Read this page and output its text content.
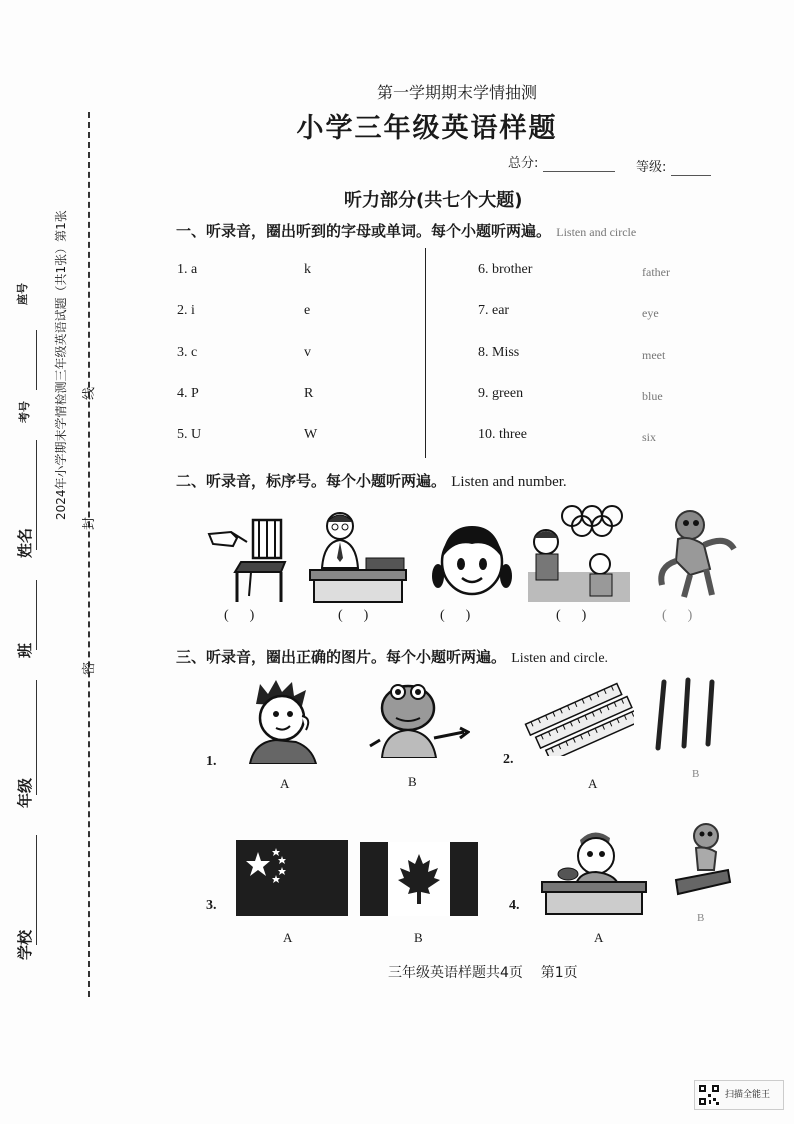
2024年小学期末学情检测三年级英语试题（共1张）第1张
座号
考号
姓名
班
年级
学校
线
封
密
第一学期期末学情抽测
小学三年级英语样题
总分:	等级:
听力部分(共七个大题)
一、听录音，圈出听到的字母或单词。每个小题听两遍。 Listen and circle
1. a	k
2. i	e
3. c	v
4. P	R
5. U	W
6. brother	father
7. ear	eye
8. Miss	meet
9. green	blue
10. three	six
二、听录音，标序号。每个小题听两遍。 Listen and number.
(      )	(      )	(      )	(      )	(      )
三、听录音，圈出正确的图片。每个小题听两遍。 Listen and circle.
1.	2.
3.	4.
A	B	A
B
A	B	A
B
三年级英语样题共4页    第1页
扫描全能王
